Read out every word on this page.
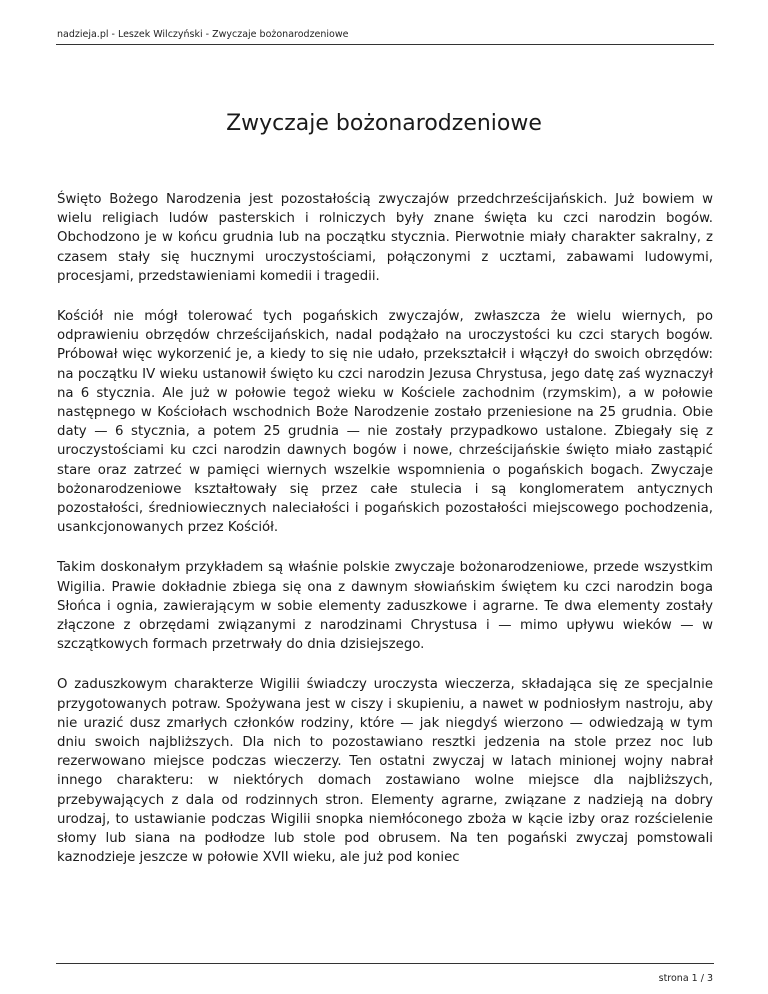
nadzieja.pl - Leszek Wilczyński - Zwyczaje bożonarodzeniowe
Zwyczaje bożonarodzeniowe

Święto Bożego Narodzenia jest pozostałością zwyczajów przedchrześcijańskich. Już bowiem w wielu religiach ludów pasterskich i rolniczych były znane święta ku czci narodzin bogów. Obchodzono je w końcu grudnia lub na początku stycznia. Pierwotnie miały charakter sakralny, z czasem stały się hucznymi uroczystościami, połączonymi z ucztami, zabawami ludowymi, procesjami, przedstawieniami komedii i tragedii.

Kościół nie mógł tolerować tych pogańskich zwyczajów, zwłaszcza że wielu wiernych, po odprawieniu obrzędów chrześcijańskich, nadal podążało na uroczystości ku czci starych bogów. Próbował więc wykorzenić je, a kiedy to się nie udało, przekształcił i włączył do swoich obrzędów: na początku IV wieku ustanowił święto ku czci narodzin Jezusa Chrystusa, jego datę zaś wyznaczył na 6 stycznia. Ale już w połowie tegoż wieku w Kościele zachodnim (rzymskim), a w połowie następnego w Kościołach wschodnich Boże Narodzenie zostało przeniesione na 25 grudnia. Obie daty — 6 stycznia, a potem 25 grudnia — nie zostały przypadkowo ustalone. Zbiegały się z uroczystościami ku czci narodzin dawnych bogów i nowe, chrześcijańskie święto miało zastąpić stare oraz zatrzeć w pamięci wiernych wszelkie wspomnienia o pogańskich bogach. Zwyczaje bożonarodzeniowe kształtowały się przez całe stulecia i są konglomeratem antycznych pozostałości, średniowiecznych naleciałości i pogańskich pozostałości miejscowego pochodzenia, usankcjonowanych przez Kościół.

Takim doskonałym przykładem są właśnie polskie zwyczaje bożonarodzeniowe, przede wszystkim Wigilia. Prawie dokładnie zbiega się ona z dawnym słowiańskim świętem ku czci narodzin boga Słońca i ognia, zawierającym w sobie elementy zaduszkowe i agrarne. Te dwa elementy zostały złączone z obrzędami związanymi z narodzinami Chrystusa i — mimo upływu wieków — w szczątkowych formach przetrwały do dnia dzisiejszego.

O zaduszkowym charakterze Wigilii świadczy uroczysta wieczerza, składająca się ze specjalnie przygotowanych potraw. Spożywana jest w ciszy i skupieniu, a nawet w podniosłym nastroju, aby nie urazić dusz zmarłych członków rodziny, które — jak niegdyś wierzono — odwiedzają w tym dniu swoich najbliższych. Dla nich to pozostawiano resztki jedzenia na stole przez noc lub rezerwowano miejsce podczas wieczerzy. Ten ostatni zwyczaj w latach minionej wojny nabrał innego charakteru: w niektórych domach zostawiano wolne miejsce dla najbliższych, przebywających z dala od rodzinnych stron. Elementy agrarne, związane z nadzieją na dobry urodzaj, to ustawianie podczas Wigilii snopka niemłóconego zboża w kącie izby oraz rozścielenie słomy lub siana na podłodze lub stole pod obrusem. Na ten pogański zwyczaj pomstowali kaznodzieje jeszcze w połowie XVII wieku, ale już pod koniec

strona 1 / 3
